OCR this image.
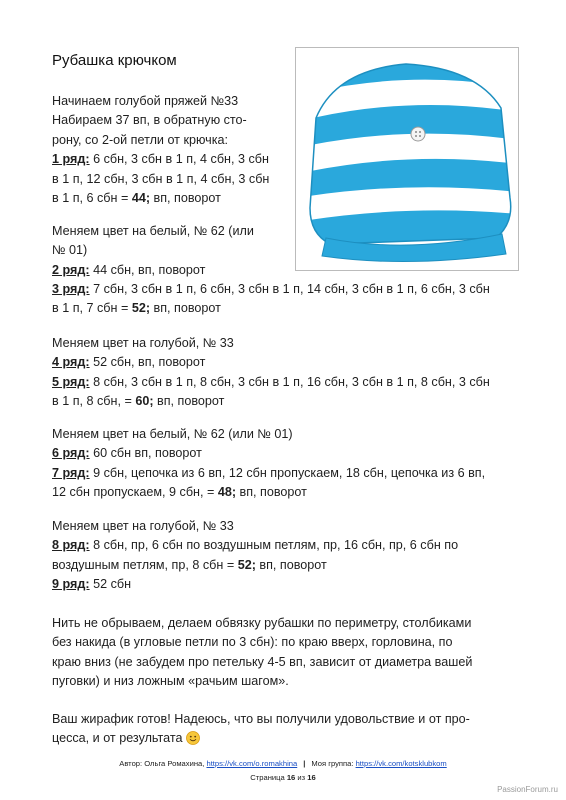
Рубашка крючком
Начинаем голубой пряжей №33
Набираем 37 вп, в обратную сто-
рону, со 2-ой петли от крючка:
1 ряд: 6 сбн, 3 сбн в 1 п, 4 сбн, 3 сбн
в 1 п, 12 сбн, 3 сбн в 1 п, 4 сбн, 3 сбн
в 1 п, 6 сбн = 44; вп, поворот
Меняем цвет на белый, № 62 (или
№ 01)
2 ряд: 44 сбн, вп, поворот
3 ряд: 7 сбн, 3 сбн в 1 п, 6 сбн, 3 сбн в 1 п, 14 сбн, 3 сбн в 1 п, 6 сбн, 3 сбн
в 1 п, 7 сбн = 52; вп, поворот
Меняем цвет на голубой, № 33
4 ряд: 52 сбн, вп, поворот
5 ряд: 8 сбн, 3 сбн в 1 п, 8 сбн, 3 сбн в 1 п, 16 сбн, 3 сбн в 1 п, 8 сбн, 3 сбн
в 1 п, 8 сбн, = 60; вп, поворот
Меняем цвет на белый, № 62 (или № 01)
6 ряд: 60 сбн вп, поворот
7 ряд: 9 сбн, цепочка из 6 вп, 12 сбн пропускаем, 18 сбн, цепочка из 6 вп,
12 сбн пропускаем, 9 сбн, = 48; вп, поворот
Меняем цвет на голубой, № 33
8 ряд: 8 сбн, пр, 6 сбн по воздушным петлям, пр, 16 сбн, пр, 6 сбн по
воздушным петлям, пр, 8 сбн = 52; вп, поворот
9 ряд: 52 сбн
Нить не обрываем, делаем обвязку рубашки по периметру, столбиками
без накида (в угловые петли по 3 сбн): по краю вверх, горловина, по
краю вниз (не забудем про петельку 4-5 вп, зависит от диаметра вашей
пуговки) и низ ложным «рачьим шагом».
Ваш жирафик готов! Надеюсь, что вы получили удовольствие и от про-
цесса, и от результата
Автор: Ольга Ромахина, https://vk.com/o.romakhina | Моя группа: https://vk.com/kotsklubkom
Страница 16 из 16
PassionForum.ru
